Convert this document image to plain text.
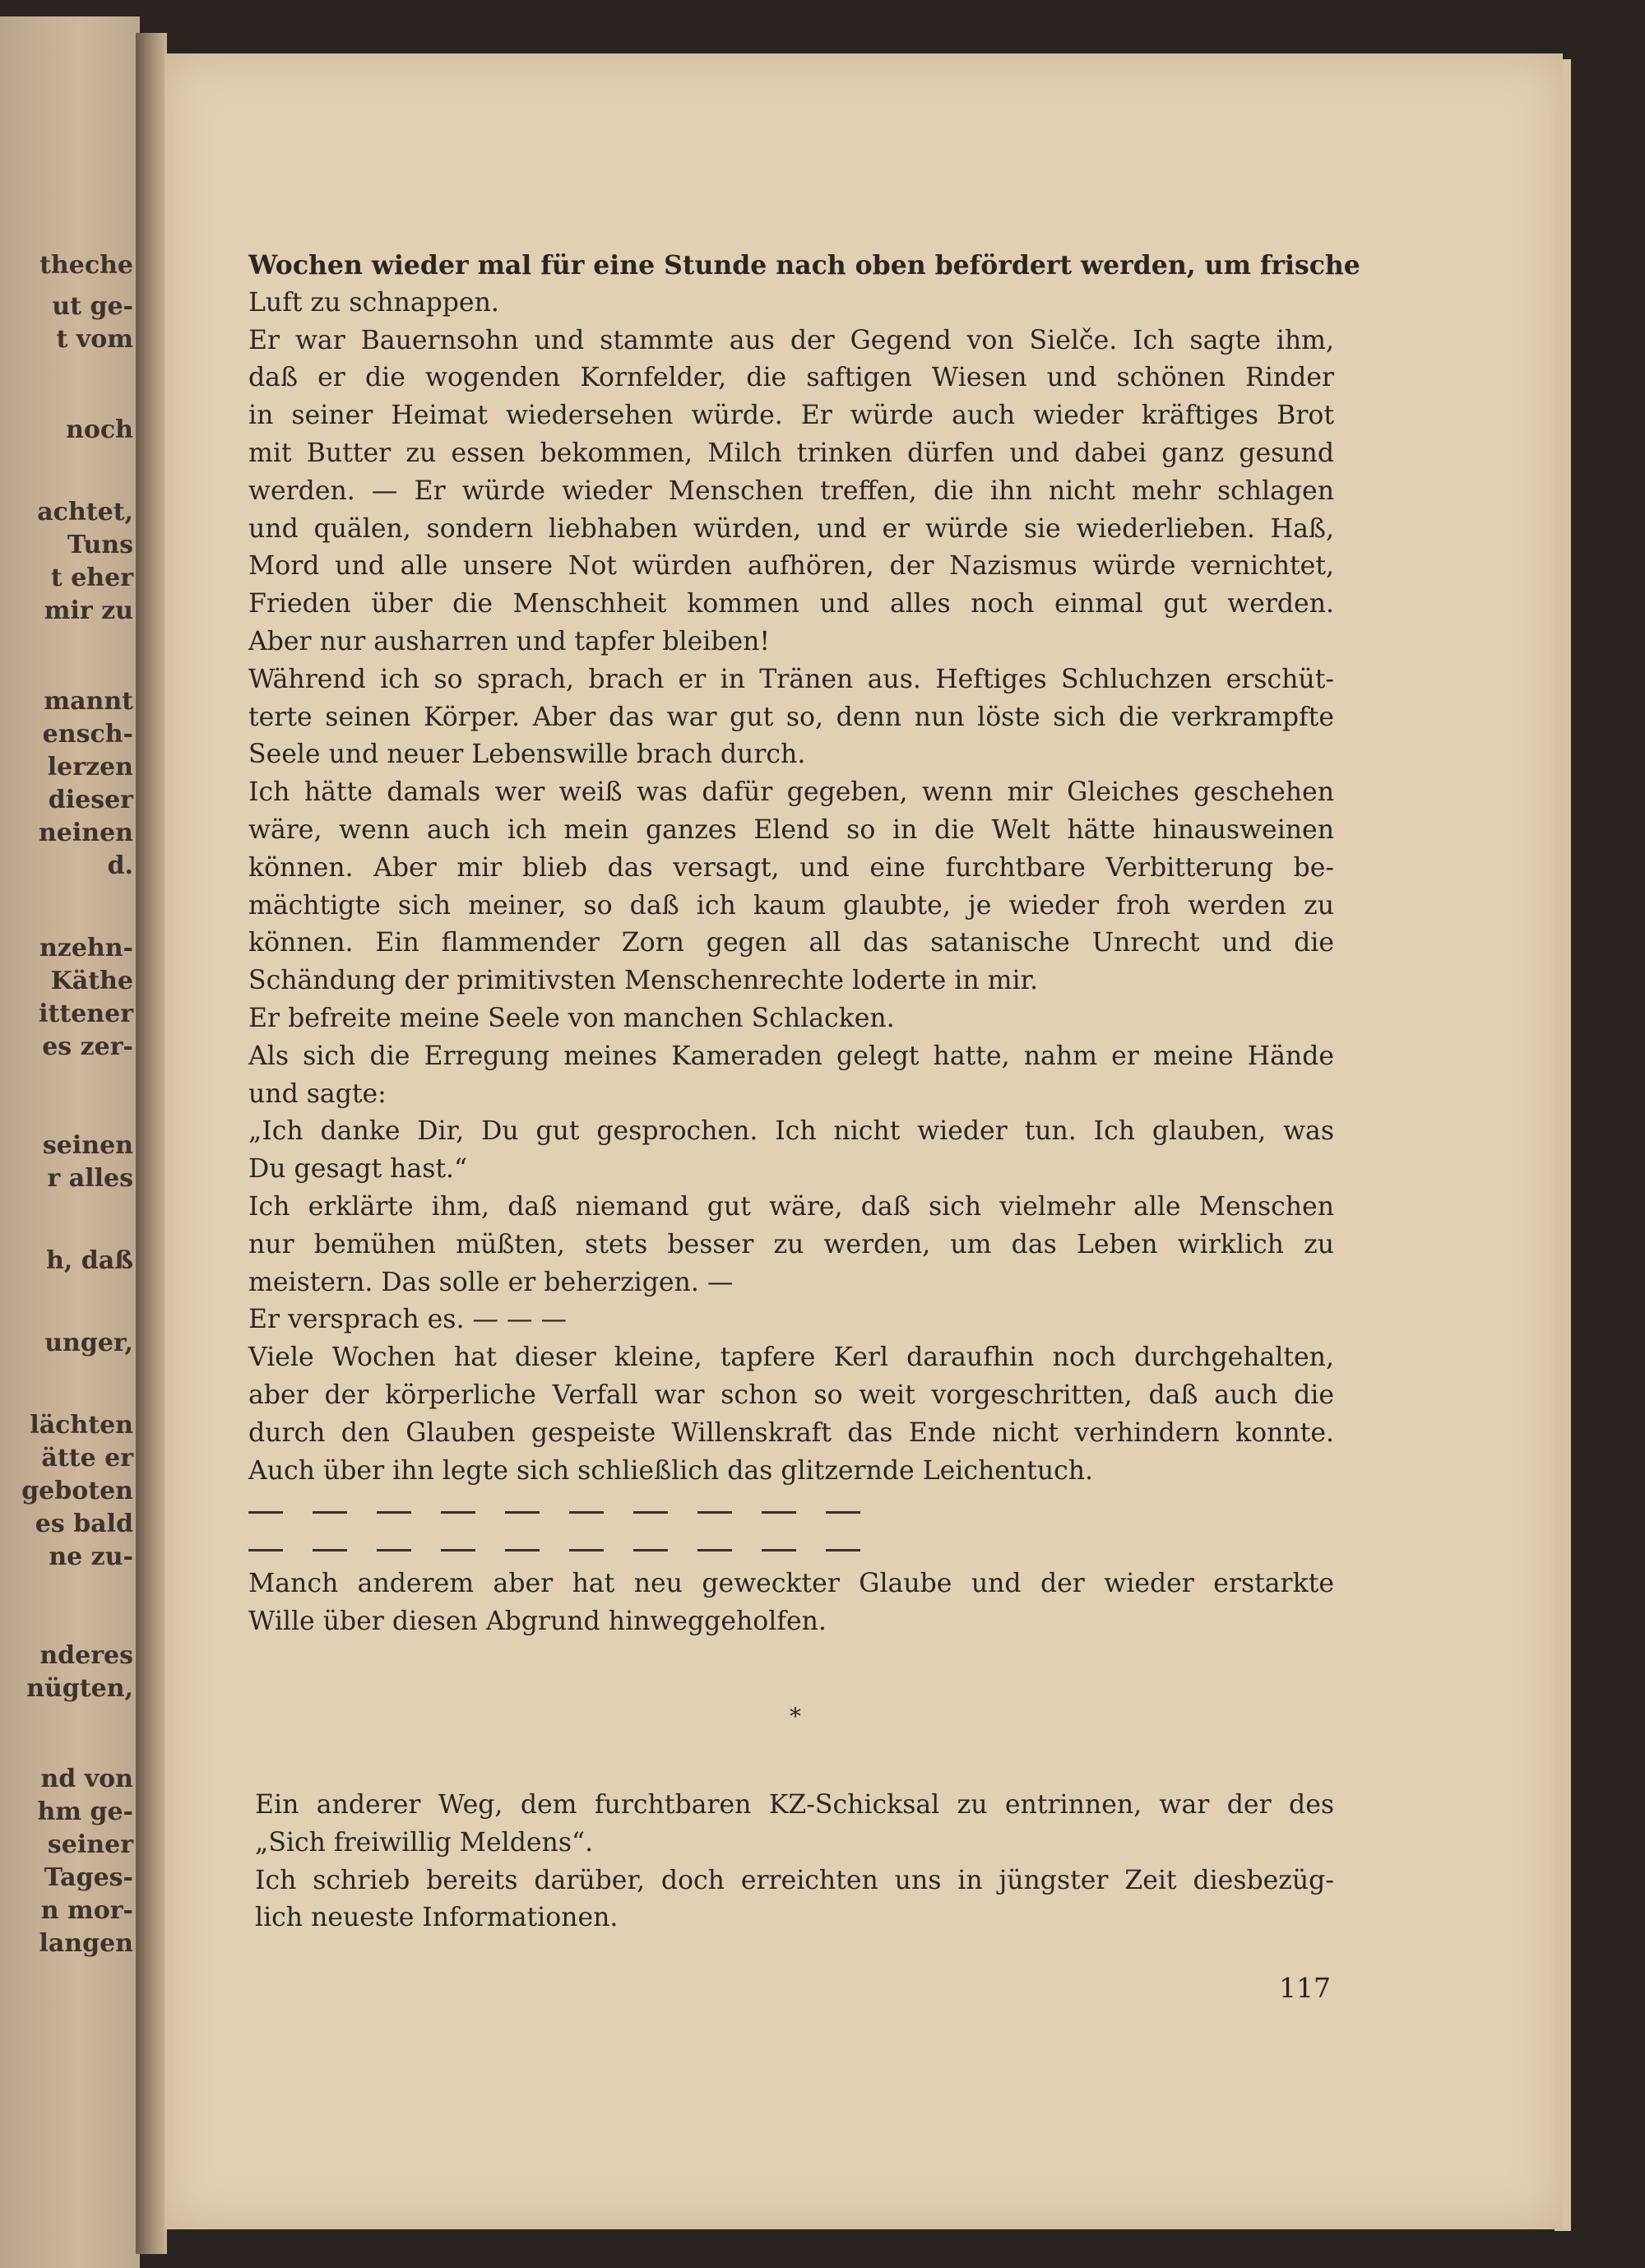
theche
ut ge-
t vom
noch
achtet,
Tuns
t eher
mir zu
mannt
ensch-
lerzen
dieser
neinen
d.
nzehn-
Käthe
ittener
es zer-
seinen
r alles
h, daß
unger,
lächten
ätte er
geboten
es bald
ne zu-
nderes
nügten,
nd von
hm ge-
seiner
Tages-
n mor-
langen
Wochen wieder mal für eine Stunde nach oben befördert werden, um frische
Luft zu schnappen.
Er war Bauernsohn und stammte aus der Gegend von Sielče. Ich sagte ihm,
daß er die wogenden Kornfelder, die saftigen Wiesen und schönen Rinder
in seiner Heimat wiedersehen würde. Er würde auch wieder kräftiges Brot
mit Butter zu essen bekommen, Milch trinken dürfen und dabei ganz gesund
werden. — Er würde wieder Menschen treffen, die ihn nicht mehr schlagen
und quälen, sondern liebhaben würden, und er würde sie wiederlieben. Haß,
Mord und alle unsere Not würden aufhören, der Nazismus würde vernichtet,
Frieden über die Menschheit kommen und alles noch einmal gut werden.
Aber nur ausharren und tapfer bleiben!
Während ich so sprach, brach er in Tränen aus. Heftiges Schluchzen erschüt-
terte seinen Körper. Aber das war gut so, denn nun löste sich die verkrampfte
Seele und neuer Lebenswille brach durch.
Ich hätte damals wer weiß was dafür gegeben, wenn mir Gleiches geschehen
wäre, wenn auch ich mein ganzes Elend so in die Welt hätte hinausweinen
können. Aber mir blieb das versagt, und eine furchtbare Verbitterung be-
mächtigte sich meiner, so daß ich kaum glaubte, je wieder froh werden zu
können. Ein flammender Zorn gegen all das satanische Unrecht und die
Schändung der primitivsten Menschenrechte loderte in mir.
Er befreite meine Seele von manchen Schlacken.
Als sich die Erregung meines Kameraden gelegt hatte, nahm er meine Hände
und sagte:
„Ich danke Dir, Du gut gesprochen. Ich nicht wieder tun. Ich glauben, was
Du gesagt hast.“
Ich erklärte ihm, daß niemand gut wäre, daß sich vielmehr alle Menschen
nur bemühen müßten, stets besser zu werden, um das Leben wirklich zu
meistern. Das solle er beherzigen. —
Er versprach es. — — —
Viele Wochen hat dieser kleine, tapfere Kerl daraufhin noch durchgehalten,
aber der körperliche Verfall war schon so weit vorgeschritten, daß auch die
durch den Glauben gespeiste Willenskraft das Ende nicht verhindern konnte.
Auch über ihn legte sich schließlich das glitzernde Leichentuch.
Manch anderem aber hat neu geweckter Glaube und der wieder erstarkte
Wille über diesen Abgrund hinweggeholfen.
*
Ein anderer Weg, dem furchtbaren KZ-Schicksal zu entrinnen, war der des
„Sich freiwillig Meldens“.
Ich schrieb bereits darüber, doch erreichten uns in jüngster Zeit diesbezüg-
lich neueste Informationen.
117
